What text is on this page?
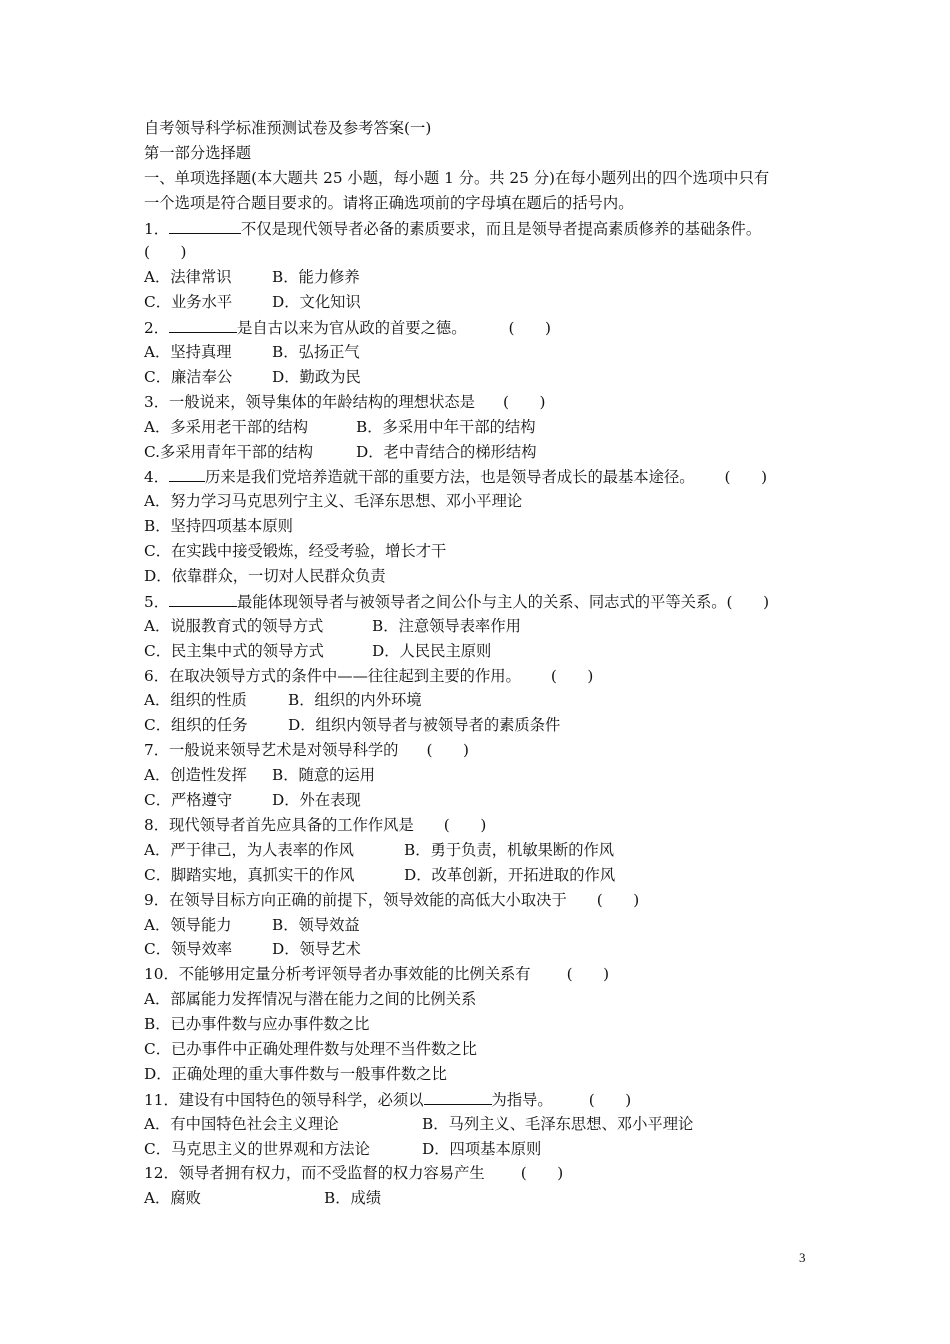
自考领导科学标准预测试卷及参考答案(一)
第一部分选择题
一、单项选择题(本大题共 25 小题，每小题 1 分。共 25 分)在每小题列出的四个选项中只有
一个选项是符合题目要求的。请将正确选项前的字母填在题后的括号内。
1．	不仅是现代领导者必备的素质要求，而且是领导者提高素质修养的基础条件。
(　　)
A．法律常识	B．能力修养
C．业务水平	D．文化知识
2．	是自古以来为官从政的首要之德。	(　　)
A．坚持真理	B．弘扬正气
C．廉洁奉公	D．勤政为民
3．一般说来，领导集体的年龄结构的理想状态是 (　　)
A．多采用老干部的结构	B．多采用中年干部的结构
C.多采用青年干部的结构	D．老中青结合的梯形结构
4． 历来是我们党培养造就干部的重要方法，也是领导者成长的最基本途径。 (　　)
A．努力学习马克思列宁主义、毛泽东思想、邓小平理论
B．坚持四项基本原则
C．在实践中接受锻炼，经受考验，增长才干
D．依靠群众，一切对人民群众负责
5．	最能体现领导者与被领导者之间公仆与主人的关系、同志式的平等关系。(　　)
A．说服教育式的领导方式	B．注意领导表率作用
C．民主集中式的领导方式	D．人民民主原则
6．在取决领导方式的条件中——往往起到主要的作用。 (　　)
A．组织的性质	B．组织的内外环境
C．组织的任务	D．组织内领导者与被领导者的素质条件
7．一般说来领导艺术是对领导科学的 (　　)
A．创造性发挥 B．随意的运用
C．严格遵守	D．外在表现
8．现代领导者首先应具备的工作作风是 (　　)
A．严于律己，为人表率的作风	B．勇于负责，机敏果断的作风
C．脚踏实地，真抓实干的作风	D．改革创新，开拓进取的作风
9．在领导目标方向正确的前提下，领导效能的高低大小取决于 (　　)
A．领导能力	B．领导效益
C．领导效率	D．领导艺术
10．不能够用定量分析考评领导者办事效能的比例关系有 (　　)
A．部属能力发挥情况与潜在能力之间的比例关系
B．已办事件数与应办事件数之比
C．已办事件中正确处理件数与处理不当件数之比
D．正确处理的重大事件数与一般事件数之比
11．建设有中国特色的领导科学，必须以	为指导。 (　　)
A．有中国特色社会主义理论	B．马列主义、毛泽东思想、邓小平理论
C．马克思主义的世界观和方法论	D．四项基本原则
12．领导者拥有权力，而不受监督的权力容易产生 (　　)
A．腐败	B．成绩
3
